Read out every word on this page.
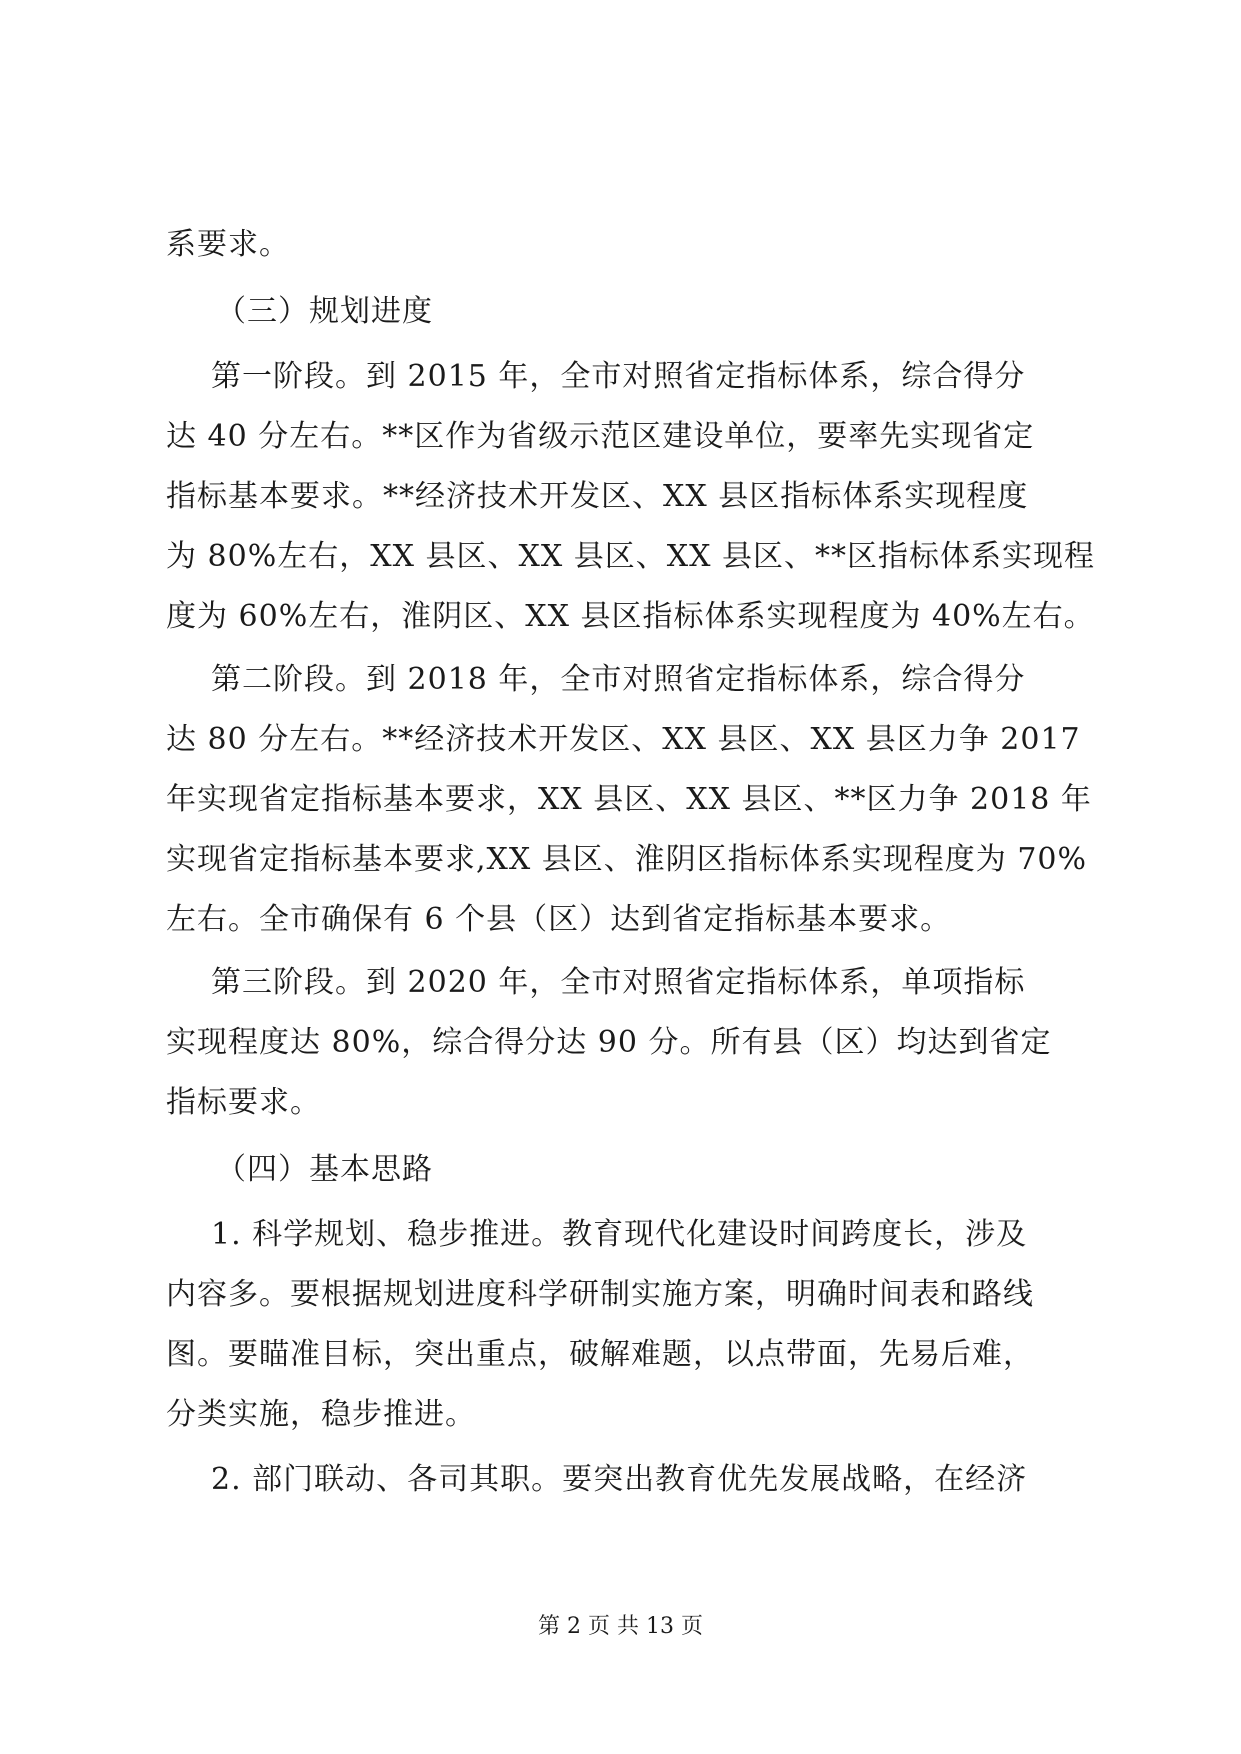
系要求。
（三）规划进度
第一阶段。到 2015 年，全市对照省定指标体系，综合得分
达 40 分左右。**区作为省级示范区建设单位，要率先实现省定
指标基本要求。**经济技术开发区、XX 县区指标体系实现程度
为 80%左右，XX 县区、XX 县区、XX 县区、**区指标体系实现程
度为 60%左右，淮阴区、XX 县区指标体系实现程度为 40%左右。
第二阶段。到 2018 年，全市对照省定指标体系，综合得分
达 80 分左右。**经济技术开发区、XX 县区、XX 县区力争 2017
年实现省定指标基本要求，XX 县区、XX 县区、**区力争 2018 年
实现省定指标基本要求,XX 县区、淮阴区指标体系实现程度为 70%
左右。全市确保有 6 个县（区）达到省定指标基本要求。
第三阶段。到 2020 年，全市对照省定指标体系，单项指标
实现程度达 80%，综合得分达 90 分。所有县（区）均达到省定
指标要求。
（四）基本思路
1. 科学规划、稳步推进。教育现代化建设时间跨度长，涉及
内容多。要根据规划进度科学研制实施方案，明确时间表和路线
图。要瞄准目标，突出重点，破解难题，以点带面，先易后难，
分类实施，稳步推进。
2. 部门联动、各司其职。要突出教育优先发展战略，在经济
第 2 页 共 13 页
